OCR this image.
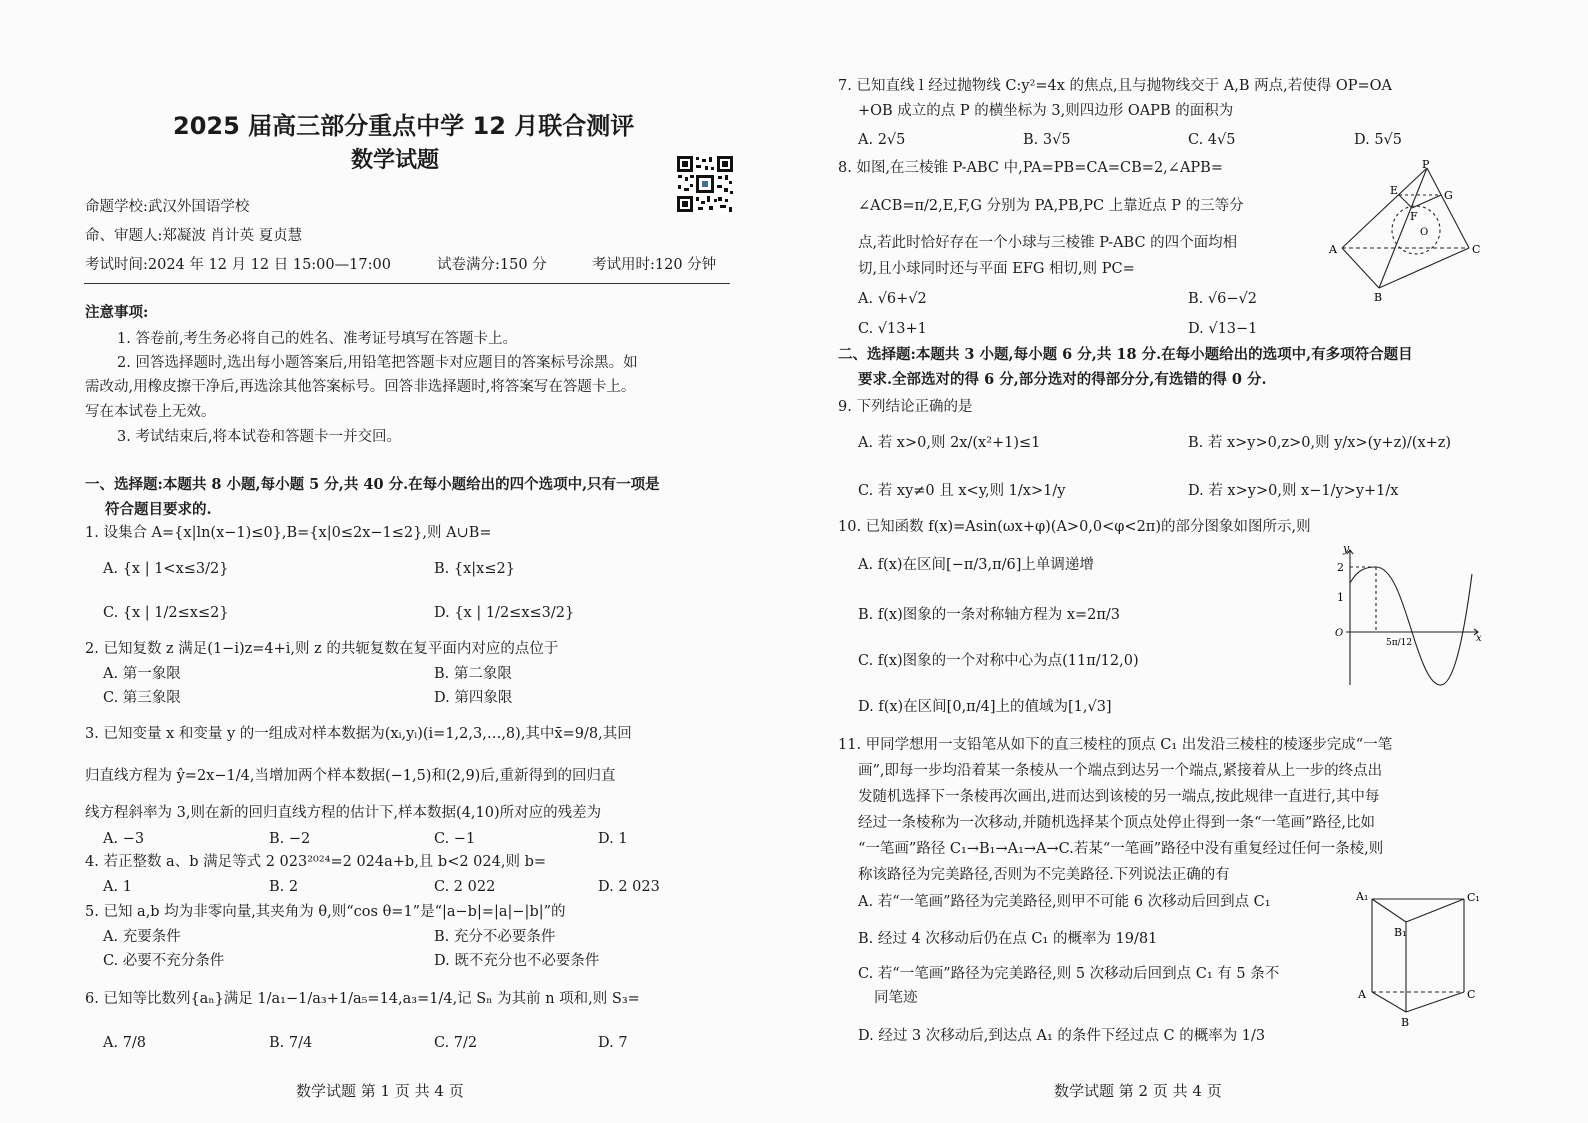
2025 届高三部分重点中学 12 月联合测评
数学试题
命题学校:武汉外国语学校
命、审题人:郑凝波 肖计英 夏贞慧
考试时间:2024 年 12 月 12 日 15:00—17:00	试卷满分:150 分	考试用时:120 分钟
注意事项:
1. 答卷前,考生务必将自己的姓名、准考证号填写在答题卡上。
2. 回答选择题时,选出每小题答案后,用铅笔把答题卡对应题目的答案标号涂黑。如
需改动,用橡皮擦干净后,再选涂其他答案标号。回答非选择题时,将答案写在答题卡上。
写在本试卷上无效。
3. 考试结束后,将本试卷和答题卡一并交回。
一、选择题:本题共 8 小题,每小题 5 分,共 40 分.在每小题给出的四个选项中,只有一项是
符合题目要求的.
1. 设集合 A={x|ln(x−1)≤0},B={x|0≤2x−1≤2},则 A∪B=
A. {x | 1<x≤3/2}	B. {x|x≤2}
C. {x | 1/2≤x≤2}	D. {x | 1/2≤x≤3/2}
2. 已知复数 z 满足(1−i)z=4+i,则 z 的共轭复数在复平面内对应的点位于
A. 第一象限	B. 第二象限
C. 第三象限	D. 第四象限
3. 已知变量 x 和变量 y 的一组成对样本数据为(xᵢ,yᵢ)(i=1,2,3,…,8),其中x̄=9/8,其回
归直线方程为 ŷ=2x−1/4,当增加两个样本数据(−1,5)和(2,9)后,重新得到的回归直
线方程斜率为 3,则在新的回归直线方程的估计下,样本数据(4,10)所对应的残差为
A. −3	B. −2	C. −1	D. 1
4. 若正整数 a、b 满足等式 2 023²⁰²⁴=2 024a+b,且 b<2 024,则 b=
A. 1	B. 2	C. 2 022	D. 2 023
5. 已知 a,b 均为非零向量,其夹角为 θ,则“cos θ=1”是“|a−b|=|a|−|b|”的
A. 充要条件	B. 充分不必要条件
C. 必要不充分条件	D. 既不充分也不必要条件
6. 已知等比数列{aₙ}满足 1/a₁−1/a₃+1/a₅=14,a₃=1/4,记 Sₙ 为其前 n 项和,则 S₃=
A. 7/8	B. 7/4	C. 7/2	D. 7
数学试题 第 1 页 共 4 页
7. 已知直线 l 经过抛物线 C:y²=4x 的焦点,且与抛物线交于 A,B 两点,若使得 OP=OA
+OB 成立的点 P 的横坐标为 3,则四边形 OAPB 的面积为
A. 2√5	B. 3√5	C. 4√5	D. 5√5
8. 如图,在三棱锥 P-ABC 中,PA=PB=CA=CB=2,∠APB=
∠ACB=π/2,E,F,G 分别为 PA,PB,PC 上靠近点 P 的三等分
点,若此时恰好存在一个小球与三棱锥 P-ABC 的四个面均相
切,且小球同时还与平面 EFG 相切,则 PC=
A. √6+√2	B. √6−√2
C. √13+1	D. √13−1
P
E	G
F
O
A
B
C
二、选择题:本题共 3 小题,每小题 6 分,共 18 分.在每小题给出的选项中,有多项符合题目
要求.全部选对的得 6 分,部分选对的得部分分,有选错的得 0 分.
9. 下列结论正确的是
A. 若 x>0,则 2x/(x²+1)≤1	B. 若 x>y>0,z>0,则 y/x>(y+z)/(x+z)
C. 若 xy≠0 且 x<y,则 1/x>1/y	D. 若 x>y>0,则 x−1/y>y+1/x
10. 已知函数 f(x)=Asin(ωx+φ)(A>0,0<φ<2π)的部分图象如图所示,则
A. f(x)在区间[−π/3,π/6]上单调递增
B. f(x)图象的一条对称轴方程为 x=2π/3
C. f(x)图象的一个对称中心为点(11π/12,0)
D. f(x)在区间[0,π/4]上的值域为[1,√3]
y
2
1
O
5π/12	x
11. 甲同学想用一支铅笔从如下的直三棱柱的顶点 C₁ 出发沿三棱柱的棱逐步完成“一笔
画”,即每一步均沿着某一条棱从一个端点到达另一个端点,紧接着从上一步的终点出
发随机选择下一条棱再次画出,进而达到该棱的另一端点,按此规律一直进行,其中每
经过一条棱称为一次移动,并随机选择某个顶点处停止得到一条“一笔画”路径,比如
“一笔画”路径 C₁→B₁→A₁→A→C.若某“一笔画”路径中没有重复经过任何一条棱,则
称该路径为完美路径,否则为不完美路径.下列说法正确的有
A. 若“一笔画”路径为完美路径,则甲不可能 6 次移动后回到点 C₁
B. 经过 4 次移动后仍在点 C₁ 的概率为 19/81
C. 若“一笔画”路径为完美路径,则 5 次移动后回到点 C₁ 有 5 条不
同笔迹
D. 经过 3 次移动后,到达点 A₁ 的条件下经过点 C 的概率为 1/3
A₁	C₁
B₁
A	C
B
数学试题 第 2 页 共 4 页
